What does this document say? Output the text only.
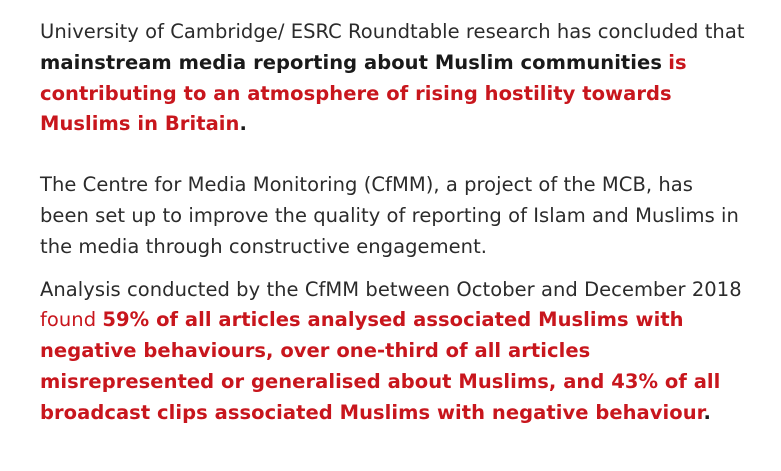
University of Cambridge/ ESRC Roundtable research has concluded that mainstream media reporting about Muslim communities is contributing to an atmosphere of rising hostility towards Muslims in Britain.

The Centre for Media Monitoring (CfMM), a project of the MCB, has been set up to improve the quality of reporting of Islam and Muslims in the media through constructive engagement.

Analysis conducted by the CfMM between October and December 2018 found 59% of all articles analysed associated Muslims with negative behaviours, over one-third of all articles misrepresented or generalised about Muslims, and 43% of all broadcast clips associated Muslims with negative behaviour.
